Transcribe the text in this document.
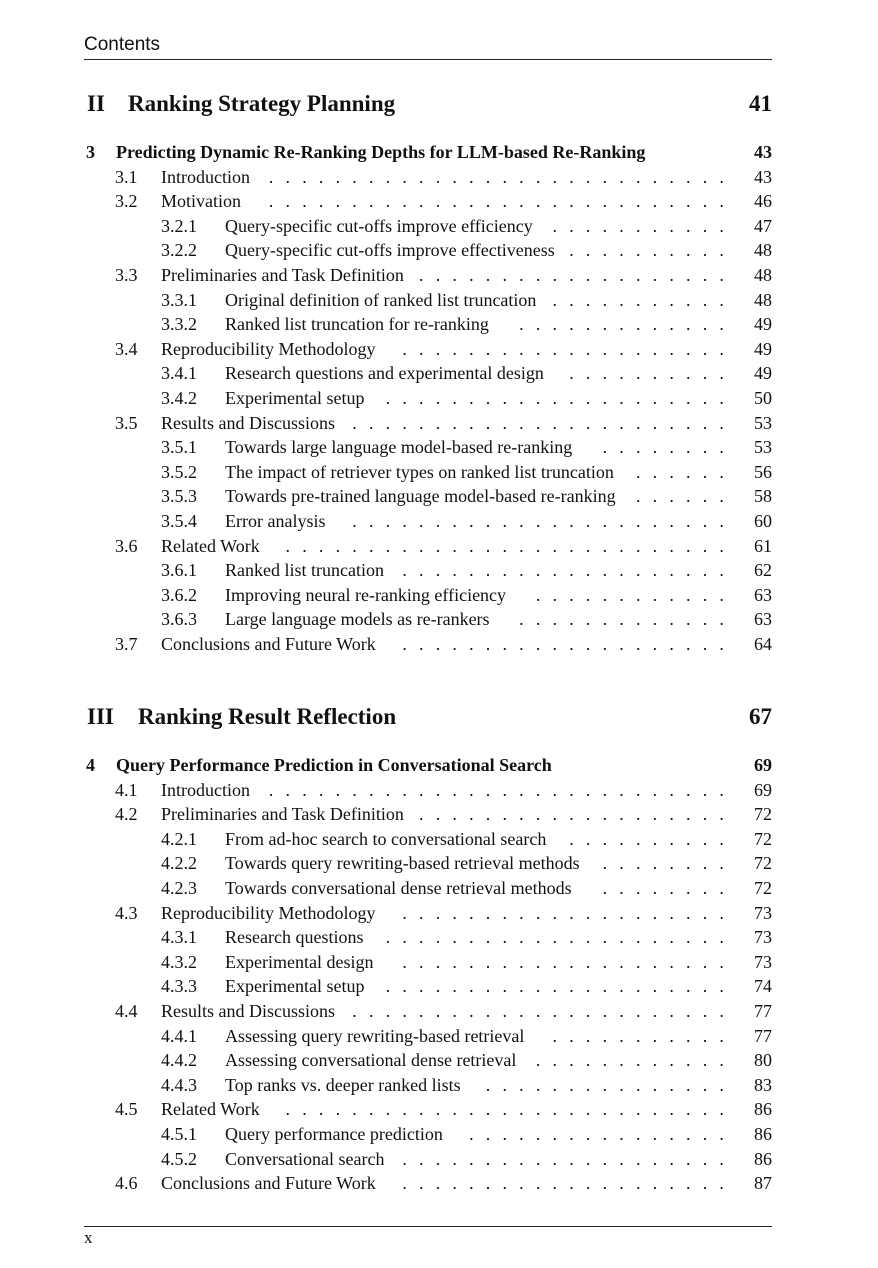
Contents
II Ranking Strategy Planning	41
3 Predicting Dynamic Re-Ranking Depths for LLM-based Re-Ranking	43
3.1 Introduction	. . . . . . . . . . . . . . . . . . . . . . . . . . . .	43
3.2 Motivation	. . . . . . . . . . . . . . . . . . . . . . . . . . . .	46
3.2.1 Query-specific cut-offs improve efficiency	. . . . . . . . . . .	47
3.2.2 Query-specific cut-offs improve effectiveness . . . . . . . . . .	48
3.3 Preliminaries and Task Definition . . . . . . . . . . . . . . . . . . .	48
3.3.1 Original definition of ranked list truncation . . . . . . . . . . .	48
3.3.2 Ranked list truncation for re-ranking	. . . . . . . . . . . . .	49
3.4 Reproducibility Methodology	. . . . . . . . . . . . . . . . . . . .	49
3.4.1 Research questions and experimental design	. . . . . . . . . .	49
3.4.2 Experimental setup	. . . . . . . . . . . . . . . . . . . . .	50
3.5 Results and Discussions . . . . . . . . . . . . . . . . . . . . . . .	53
3.5.1 Towards large language model-based re-ranking	. . . . . . . .	53
3.5.2 The impact of retriever types on ranked list truncation	. . . . . .	56
3.5.3 Towards pre-trained language model-based re-ranking	. . . . . .	58
3.5.4 Error analysis	. . . . . . . . . . . . . . . . . . . . . . .	60
3.6 Related Work	. . . . . . . . . . . . . . . . . . . . . . . . . . .	61
3.6.1 Ranked list truncation	. . . . . . . . . . . . . . . . . . . .	62
3.6.2 Improving neural re-ranking efficiency	. . . . . . . . . . . .	63
3.6.3 Large language models as re-rankers	. . . . . . . . . . . . .	63
3.7 Conclusions and Future Work	. . . . . . . . . . . . . . . . . . . .	64
III Ranking Result Reflection	67
4 Query Performance Prediction in Conversational Search	69
4.1 Introduction	. . . . . . . . . . . . . . . . . . . . . . . . . . . .	69
4.2 Preliminaries and Task Definition . . . . . . . . . . . . . . . . . . .	72
4.2.1 From ad-hoc search to conversational search	. . . . . . . . . .	72
4.2.2 Towards query rewriting-based retrieval methods	. . . . . . . .	72
4.2.3 Towards conversational dense retrieval methods	. . . . . . . .	72
4.3 Reproducibility Methodology	. . . . . . . . . . . . . . . . . . . .	73
4.3.1 Research questions	. . . . . . . . . . . . . . . . . . . . .	73
4.3.2 Experimental design	. . . . . . . . . . . . . . . . . . . .	73
4.3.3 Experimental setup	. . . . . . . . . . . . . . . . . . . . .	74
4.4 Results and Discussions . . . . . . . . . . . . . . . . . . . . . . .	77
4.4.1 Assessing query rewriting-based retrieval	. . . . . . . . . . .	77
4.4.2 Assessing conversational dense retrieval	. . . . . . . . . . . .	80
4.4.3 Top ranks vs. deeper ranked lists	. . . . . . . . . . . . . . .	83
4.5 Related Work	. . . . . . . . . . . . . . . . . . . . . . . . . . .	86
4.5.1 Query performance prediction	. . . . . . . . . . . . . . . .	86
4.5.2 Conversational search . . . . . . . . . . . . . . . . . . . .	86
4.6 Conclusions and Future Work	. . . . . . . . . . . . . . . . . . . .	87
x
